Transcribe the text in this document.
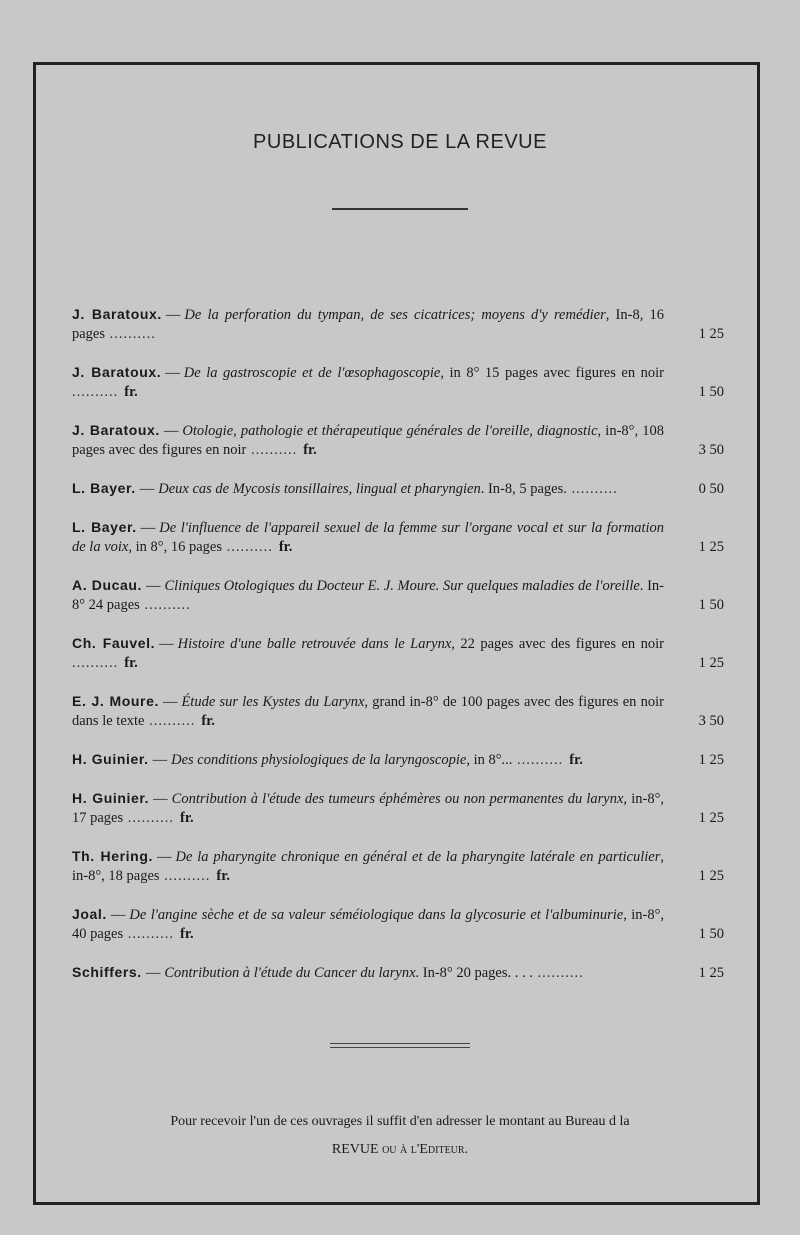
PUBLICATIONS DE LA REVUE
J. Baratoux. — De la perforation du tympan, de ses cicatrices; moyens d'y remédier, In-8, 16 pages ..........	1 25
J. Baratoux. — De la gastroscopie et de l'œsophagoscopie, in 8° 15 pages avec figures en noir .......... fr.	1 50
J. Baratoux. — Otologie, pathologie et thérapeutique générales de l'oreille, diagnostic, in-8°, 108 pages avec des figures en noir .......... fr.	3 50
L. Bayer. — Deux cas de Mycosis tonsillaires, lingual et pharyngien. In-8, 5 pages. ..........	0 50
L. Bayer. — De l'influence de l'appareil sexuel de la femme sur l'organe vocal et sur la formation de la voix, in 8°, 16 pages .......... fr.	1 25
A. Ducau. — Cliniques Otologiques du Docteur E. J. Moure. Sur quelques maladies de l'oreille. In-8° 24 pages ..........	1 50
Ch. Fauvel. — Histoire d'une balle retrouvée dans le Larynx, 22 pages avec des figures en noir .......... fr.	1 25
E. J. Moure. — Étude sur les Kystes du Larynx, grand in-8° de 100 pages avec des figures en noir dans le texte .......... fr.	3 50
H. Guinier. — Des conditions physiologiques de la laryngoscopie, in 8°... .......... fr.	1 25
H. Guinier. — Contribution à l'étude des tumeurs éphémères ou non permanentes du larynx, in-8°, 17 pages .......... fr.	1 25
Th. Hering. — De la pharyngite chronique en général et de la pharyngite latérale en particulier, in-8°, 18 pages .......... fr.	1 25
Joal. — De l'angine sèche et de sa valeur séméiologique dans la glycosurie et l'albuminurie, in-8°, 40 pages .......... fr.	1 50
Schiffers. — Contribution à l'étude du Cancer du larynx. In-8° 20 pages. . . . ..........	1 25
Pour recevoir l'un de ces ouvrages il suffit d'en adresser le montant au Bureau d la
REVUE ou à l'Editeur.
